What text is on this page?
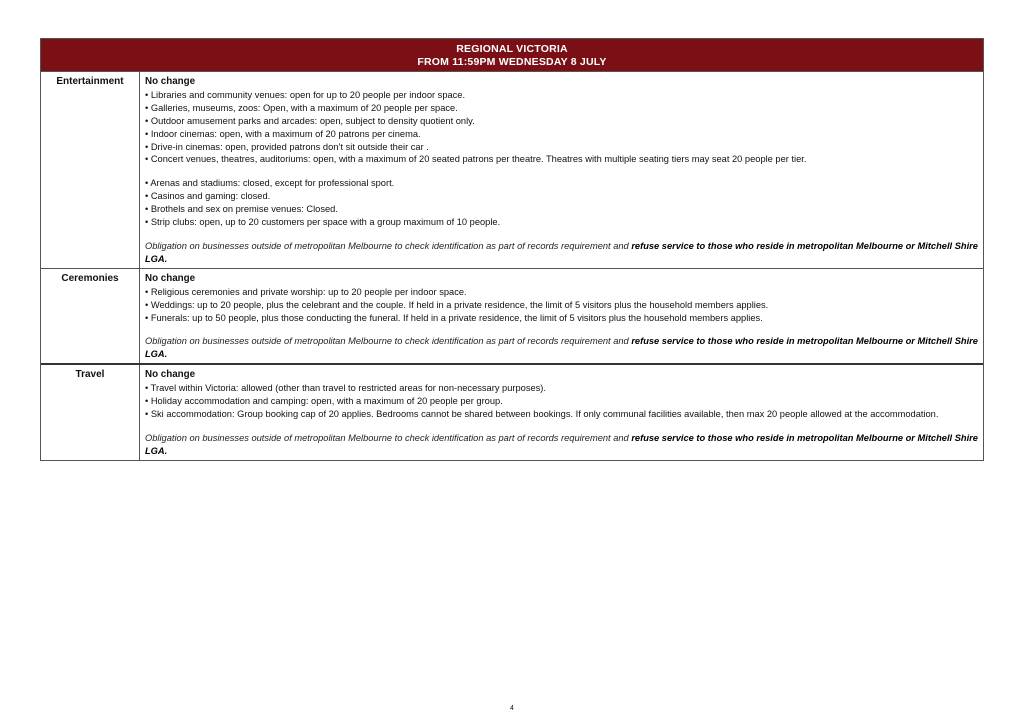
REGIONAL VICTORIA
FROM 11:59PM WEDNESDAY 8 JULY
Entertainment	No change
• Libraries and community venues: open for up to 20 people per indoor space.
• Galleries, museums, zoos: Open, with a maximum of 20 people per space.
• Outdoor amusement parks and arcades: open, subject to density quotient only.
• Indoor cinemas: open, with a maximum of 20 patrons per cinema.
• Drive-in cinemas: open, provided patrons don’t sit outside their car .
• Concert venues, theatres, auditoriums: open, with a maximum of 20 seated patrons per theatre. Theatres with multiple seating tiers may seat 20 people per tier.
• Arenas and stadiums: closed, except for professional sport.
• Casinos and gaming: closed.
• Brothels and sex on premise venues: Closed.
• Strip clubs: open, up to 20 customers per space with a group maximum of 10 people.
Obligation on businesses outside of metropolitan Melbourne to check identification as part of records requirement and refuse service to those who reside in metropolitan Melbourne or Mitchell Shire LGA.
Ceremonies	No change
• Religious ceremonies and private worship: up to 20 people per indoor space.
• Weddings: up to 20 people, plus the celebrant and the couple. If held in a private residence, the limit of 5 visitors plus the household members applies.
• Funerals: up to 50 people, plus those conducting the funeral. If held in a private residence, the limit of 5 visitors plus the household members applies.
Obligation on businesses outside of metropolitan Melbourne to check identification as part of records requirement and refuse service to those who reside in metropolitan Melbourne or Mitchell Shire LGA.
Travel	No change
• Travel within Victoria: allowed (other than travel to restricted areas for non-necessary purposes).
• Holiday accommodation and camping: open, with a maximum of 20 people per group.
• Ski accommodation: Group booking cap of 20 applies. Bedrooms cannot be shared between bookings. If only communal facilities available, then max 20 people allowed at the accommodation.
Obligation on businesses outside of metropolitan Melbourne to check identification as part of records requirement and refuse service to those who reside in metropolitan Melbourne or Mitchell Shire LGA.
4
